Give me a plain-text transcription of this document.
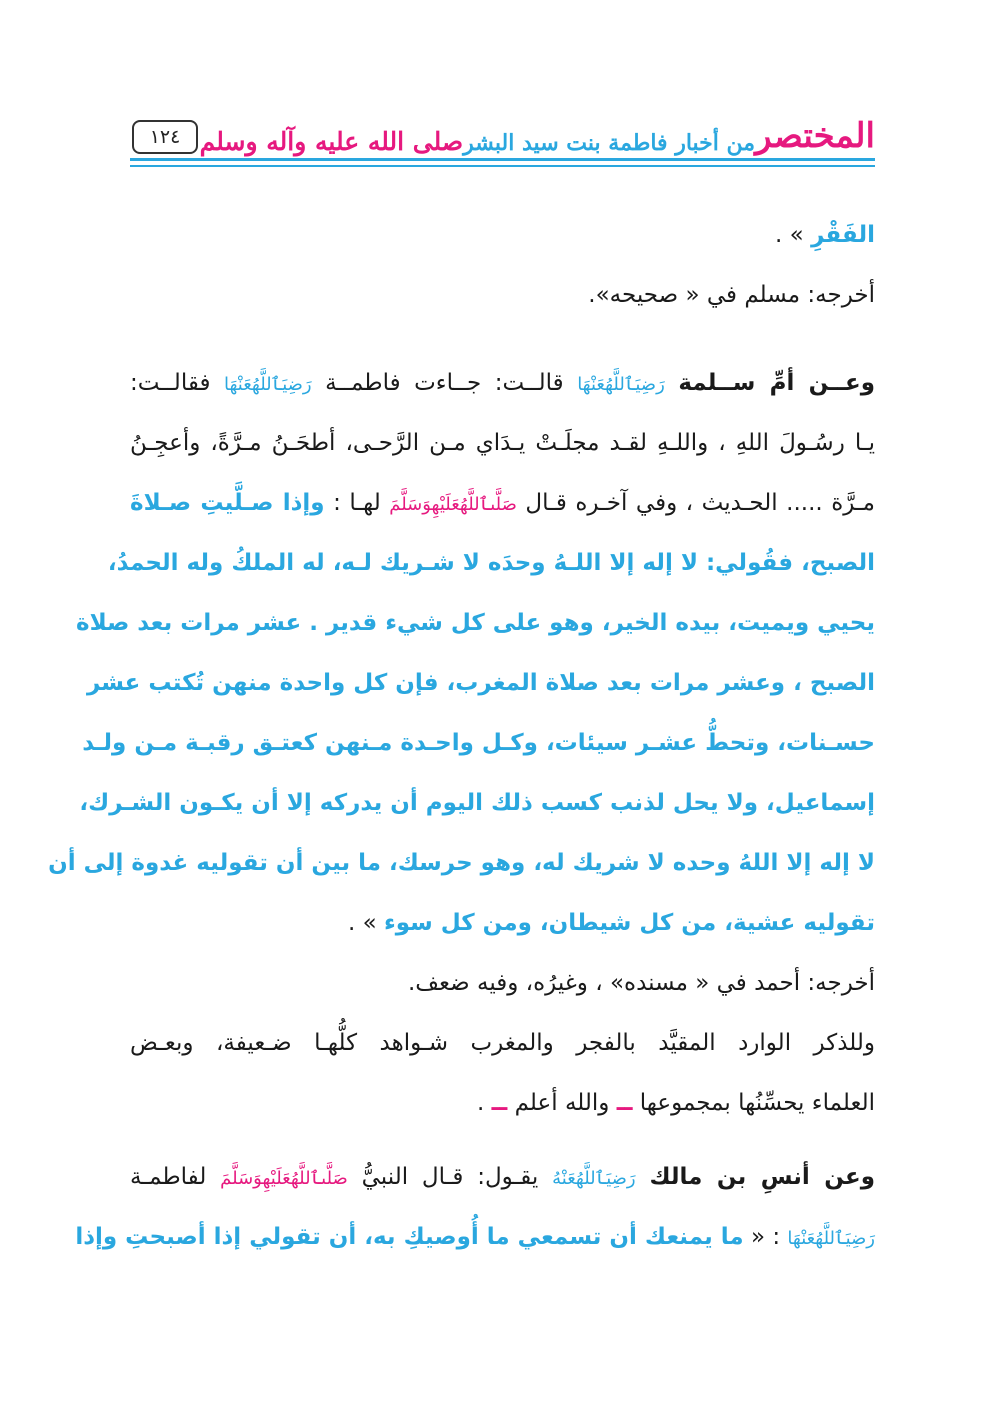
المختصر
من أخبار فاطمة بنت سيد البشر
صلى الله عليه وآله وسلم
١٢٤

الفَقْرِ » .

أخرجه: مسلم في « صحيحه».

وعــن أمِّ ســلمة رَضِيَٱللَّهُعَنْهَا قالــت: جــاءت فاطمــة رَضِيَٱللَّهُعَنْهَا فقالــت:

يـا رسُـولَ اللهِ ، واللـهِ لقـد مجلَـتْ يـدَاي مـن الرَّحـى، أطحَـنُ مـرَّةً، وأعجِـنُ

مـرَّة ..... الحـديث ، وفي آخـره قـال صَلَّىٱللَّهُعَلَيْهِوَسَلَّمَ لهـا : وإذا صـلَّيتِ صـلاةَ

الصبح، فقُولي: لا إله إلا اللـهُ وحدَه لا شـريك لـه، له الملكُ وله الحمدُ،

يحيي ويميت، بيده الخير، وهو على كل شيء قدير . عشر مرات بعد صلاة

الصبح ، وعشر مرات بعد صلاة المغرب، فإن كل واحدة منهن تُكتب عشر

حسـنات، وتحطُّ عشـر سيئات، وكـل واحـدة مـنهن كعتـق رقبـة مـن ولـد

إسماعيل، ولا يحل لذنب كسب ذلك اليوم أن يدركه إلا أن يكـون الشـرك،

لا إله إلا اللهُ وحده لا شريك له، وهو حرسك، ما بين أن تقوليه غدوة إلى أن

تقوليه عشية، من كل شيطان، ومن كل سوء » .

أخرجه: أحمد في « مسنده» ، وغيرُه، وفيه ضعف.

وللذكر الوارد المقيَّد بالفجر والمغرب شـواهد كلُّهـا ضـعيفة، وبعـض

العلماء يحسِّنُها بمجموعها ــ والله أعلم ــ .

وعن أنسِ بن مالك رَضِيَٱللَّهُعَنْهُ يقـول: قـال النبيُّ صَلَّىٱللَّهُعَلَيْهِوَسَلَّمَ لفاطمـة

رَضِيَٱللَّهُعَنْهَا : « ما يمنعك أن تسمعي ما أُوصيكِ به، أن تقولي إذا أصبحتِ وإذا
